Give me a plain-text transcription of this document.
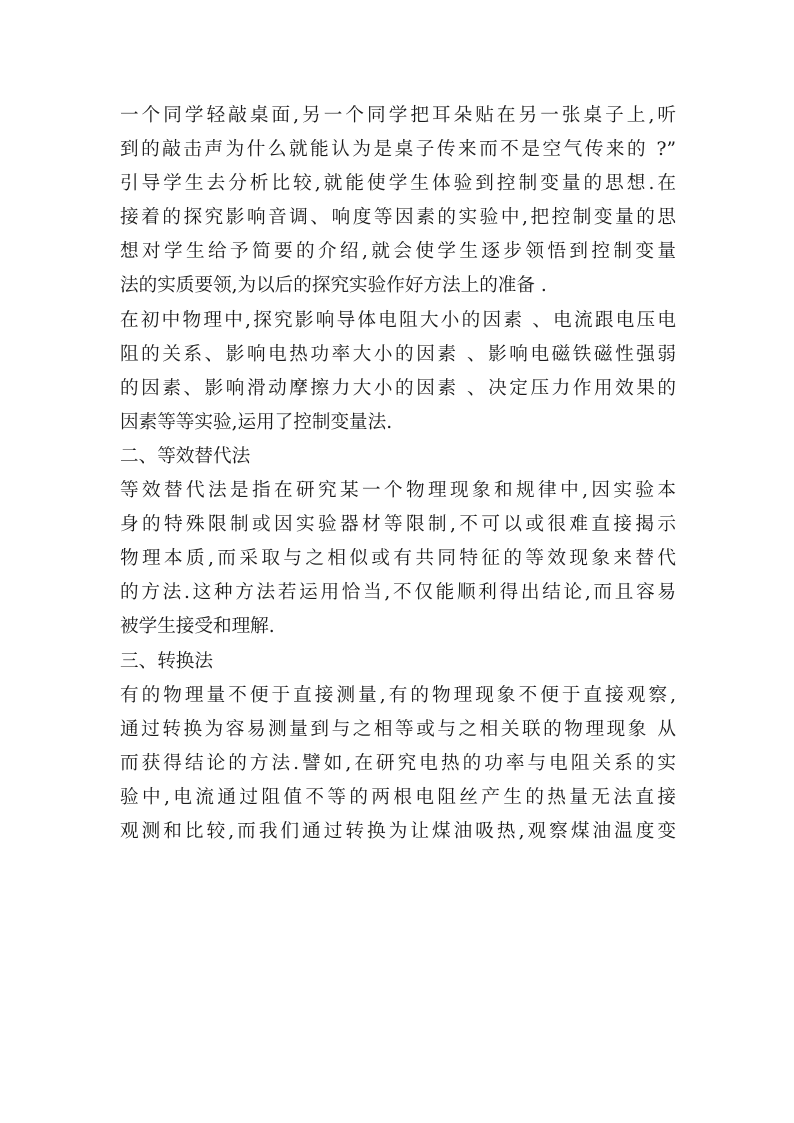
一个同学轻敲桌面,另一个同学把耳朵贴在另一张桌子上,听
到的敲击声为什么就能认为是桌子传来而不是空气传来的 ?”
引导学生去分析比较,就能使学生体验到控制变量的思想.在
接着的探究影响音调、响度等因素的实验中,把控制变量的思
想对学生给予简要的介绍,就会使学生逐步领悟到控制变量
法的实质要领,为以后的探究实验作好方法上的准备 .
在初中物理中,探究影响导体电阻大小的因素 、电流跟电压电
阻的关系、影响电热功率大小的因素 、影响电磁铁磁性强弱
的因素、影响滑动摩擦力大小的因素 、决定压力作用效果的
因素等等实验,运用了控制变量法.
二、等效替代法
等效替代法是指在研究某一个物理现象和规律中,因实验本
身的特殊限制或因实验器材等限制,不可以或很难直接揭示
物理本质,而采取与之相似或有共同特征的等效现象来替代
的方法.这种方法若运用恰当,不仅能顺利得出结论,而且容易
被学生接受和理解.
三、转换法
有的物理量不便于直接测量,有的物理现象不便于直接观察,
通过转换为容易测量到与之相等或与之相关联的物理现象 从
而获得结论的方法.譬如,在研究电热的功率与电阻关系的实
验中,电流通过阻值不等的两根电阻丝产生的热量无法直接
观测和比较,而我们通过转换为让煤油吸热,观察煤油温度变
